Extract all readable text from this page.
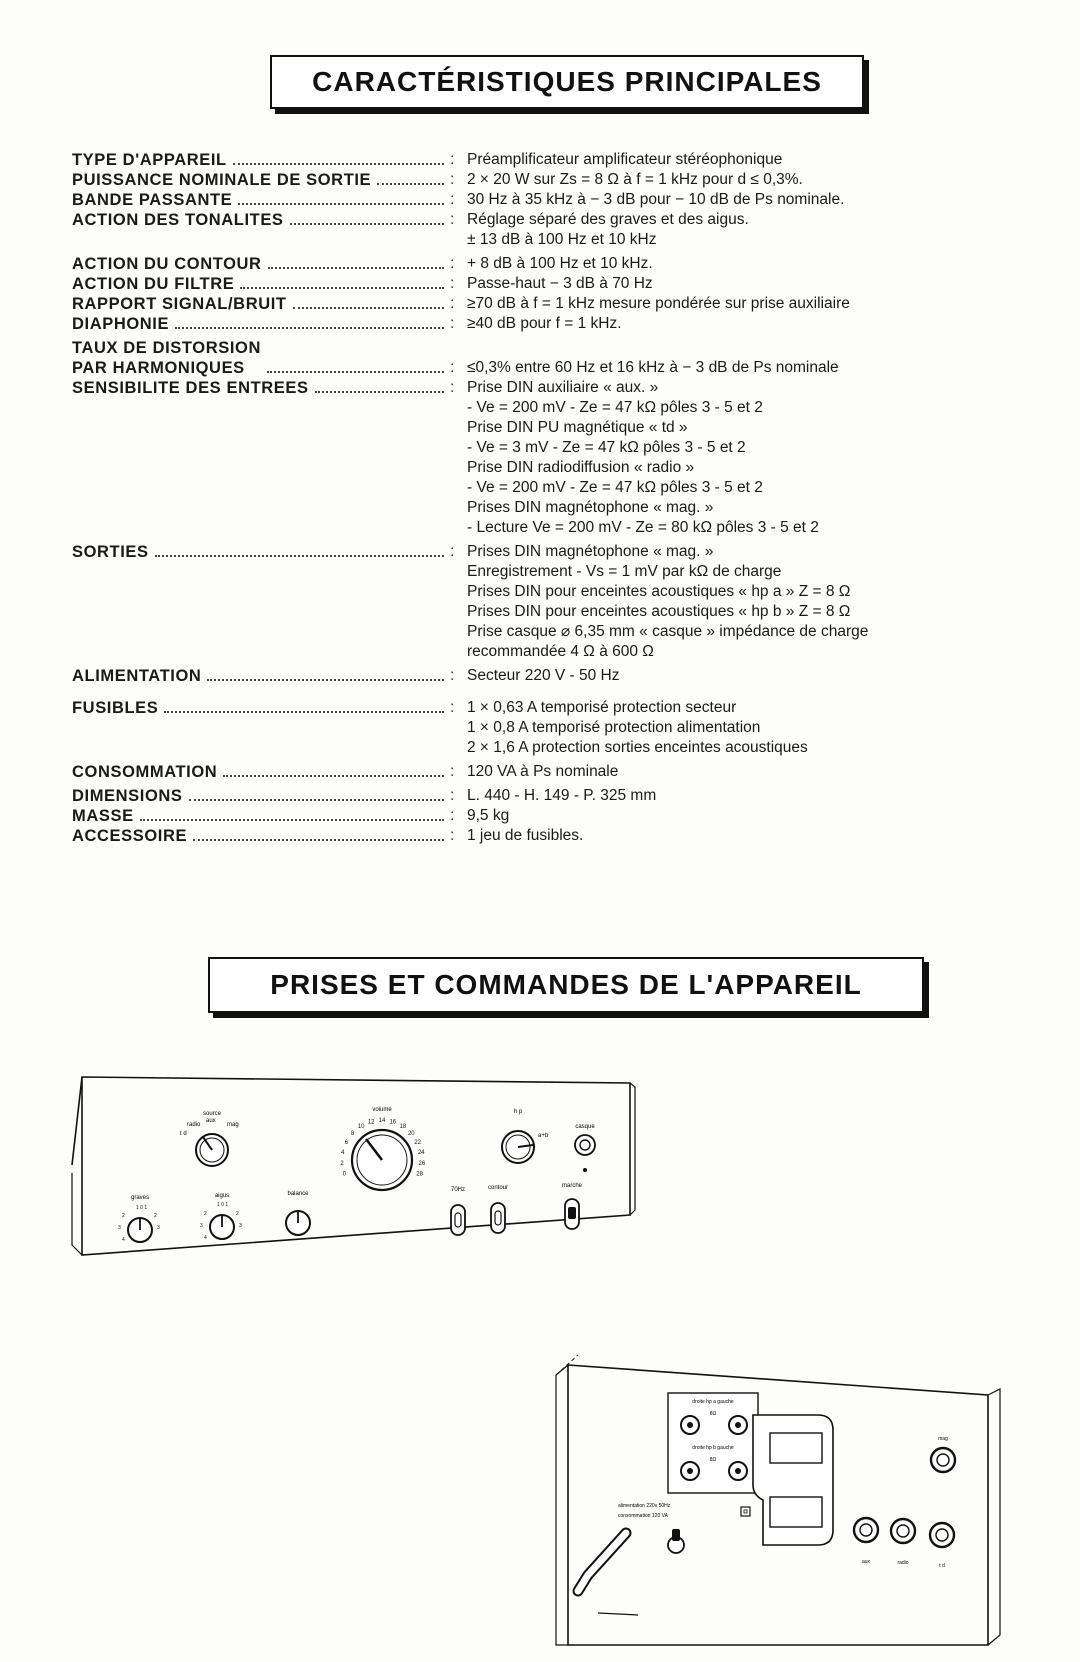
CARACTÉRISTIQUES PRINCIPALES
TYPE D'APPAREIL	: Préamplificateur amplificateur stéréophonique
PUISSANCE NOMINALE DE SORTIE	: 2 × 20 W sur Zs = 8 Ω à f = 1 kHz pour d ≤ 0,3%.
BANDE PASSANTE	: 30 Hz à 35 kHz à − 3 dB pour − 10 dB de Ps nominale.
ACTION DES TONALITES	: Réglage séparé des graves et des aigus.
± 13 dB à 100 Hz et 10 kHz
ACTION DU CONTOUR	: + 8 dB à 100 Hz et 10 kHz.
ACTION DU FILTRE	: Passe-haut − 3 dB à 70 Hz
RAPPORT SIGNAL/BRUIT	: ≥70 dB à f = 1 kHz mesure pondérée sur prise auxiliaire
DIAPHONIE	: ≥40 dB pour f = 1 kHz.
TAUX DE DISTORSION
PAR HARMONIQUES	: ≤0,3% entre 60 Hz et 16 kHz à − 3 dB de Ps nominale
SENSIBILITE DES ENTREES	: Prise DIN auxiliaire « aux. »
- Ve = 200 mV - Ze = 47 kΩ pôles 3 - 5 et 2
Prise DIN PU magnétique « td »
- Ve = 3 mV - Ze = 47 kΩ pôles 3 - 5 et 2
Prise DIN radiodiffusion « radio »
- Ve = 200 mV - Ze = 47 kΩ pôles 3 - 5 et 2
Prises DIN magnétophone « mag. »
- Lecture Ve = 200 mV - Ze = 80 kΩ pôles 3 - 5 et 2
SORTIES	: Prises DIN magnétophone « mag. »
Enregistrement - Vs = 1 mV par kΩ de charge
Prises DIN pour enceintes acoustiques « hp a » Z = 8 Ω
Prises DIN pour enceintes acoustiques « hp b » Z = 8 Ω
Prise casque ⌀ 6,35 mm « casque » impédance de charge
recommandée 4 Ω à 600 Ω
ALIMENTATION	: Secteur 220 V - 50 Hz
FUSIBLES	: 1 × 0,63 A temporisé protection secteur
1 × 0,8 A temporisé protection alimentation
2 × 1,6 A protection sorties enceintes acoustiques
CONSOMMATION	: 120 VA à Ps nominale
DIMENSIONS	: L. 440 - H. 149 - P. 325 mm
MASSE	: 9,5 kg
ACCESSOIRE	: 1 jeu de fusibles.
PRISES ET COMMANDES DE L'APPAREIL
source
radio
aux
mag
t d
volume
0
2
4
6
8
10
12 14 16
18
20
22
24
26
28
h p
a+b
casque
graves	aigus	balance
2
3
4
1 0 1
2
3
2
3
4
1 0 1
2
3
70Hz	contour	marche
droite hp a gauche
8Ω
droite hp b gauche
8Ω
alimentation 220v 50Hz
consommation 120 VA
mag
aux	radio	t d
